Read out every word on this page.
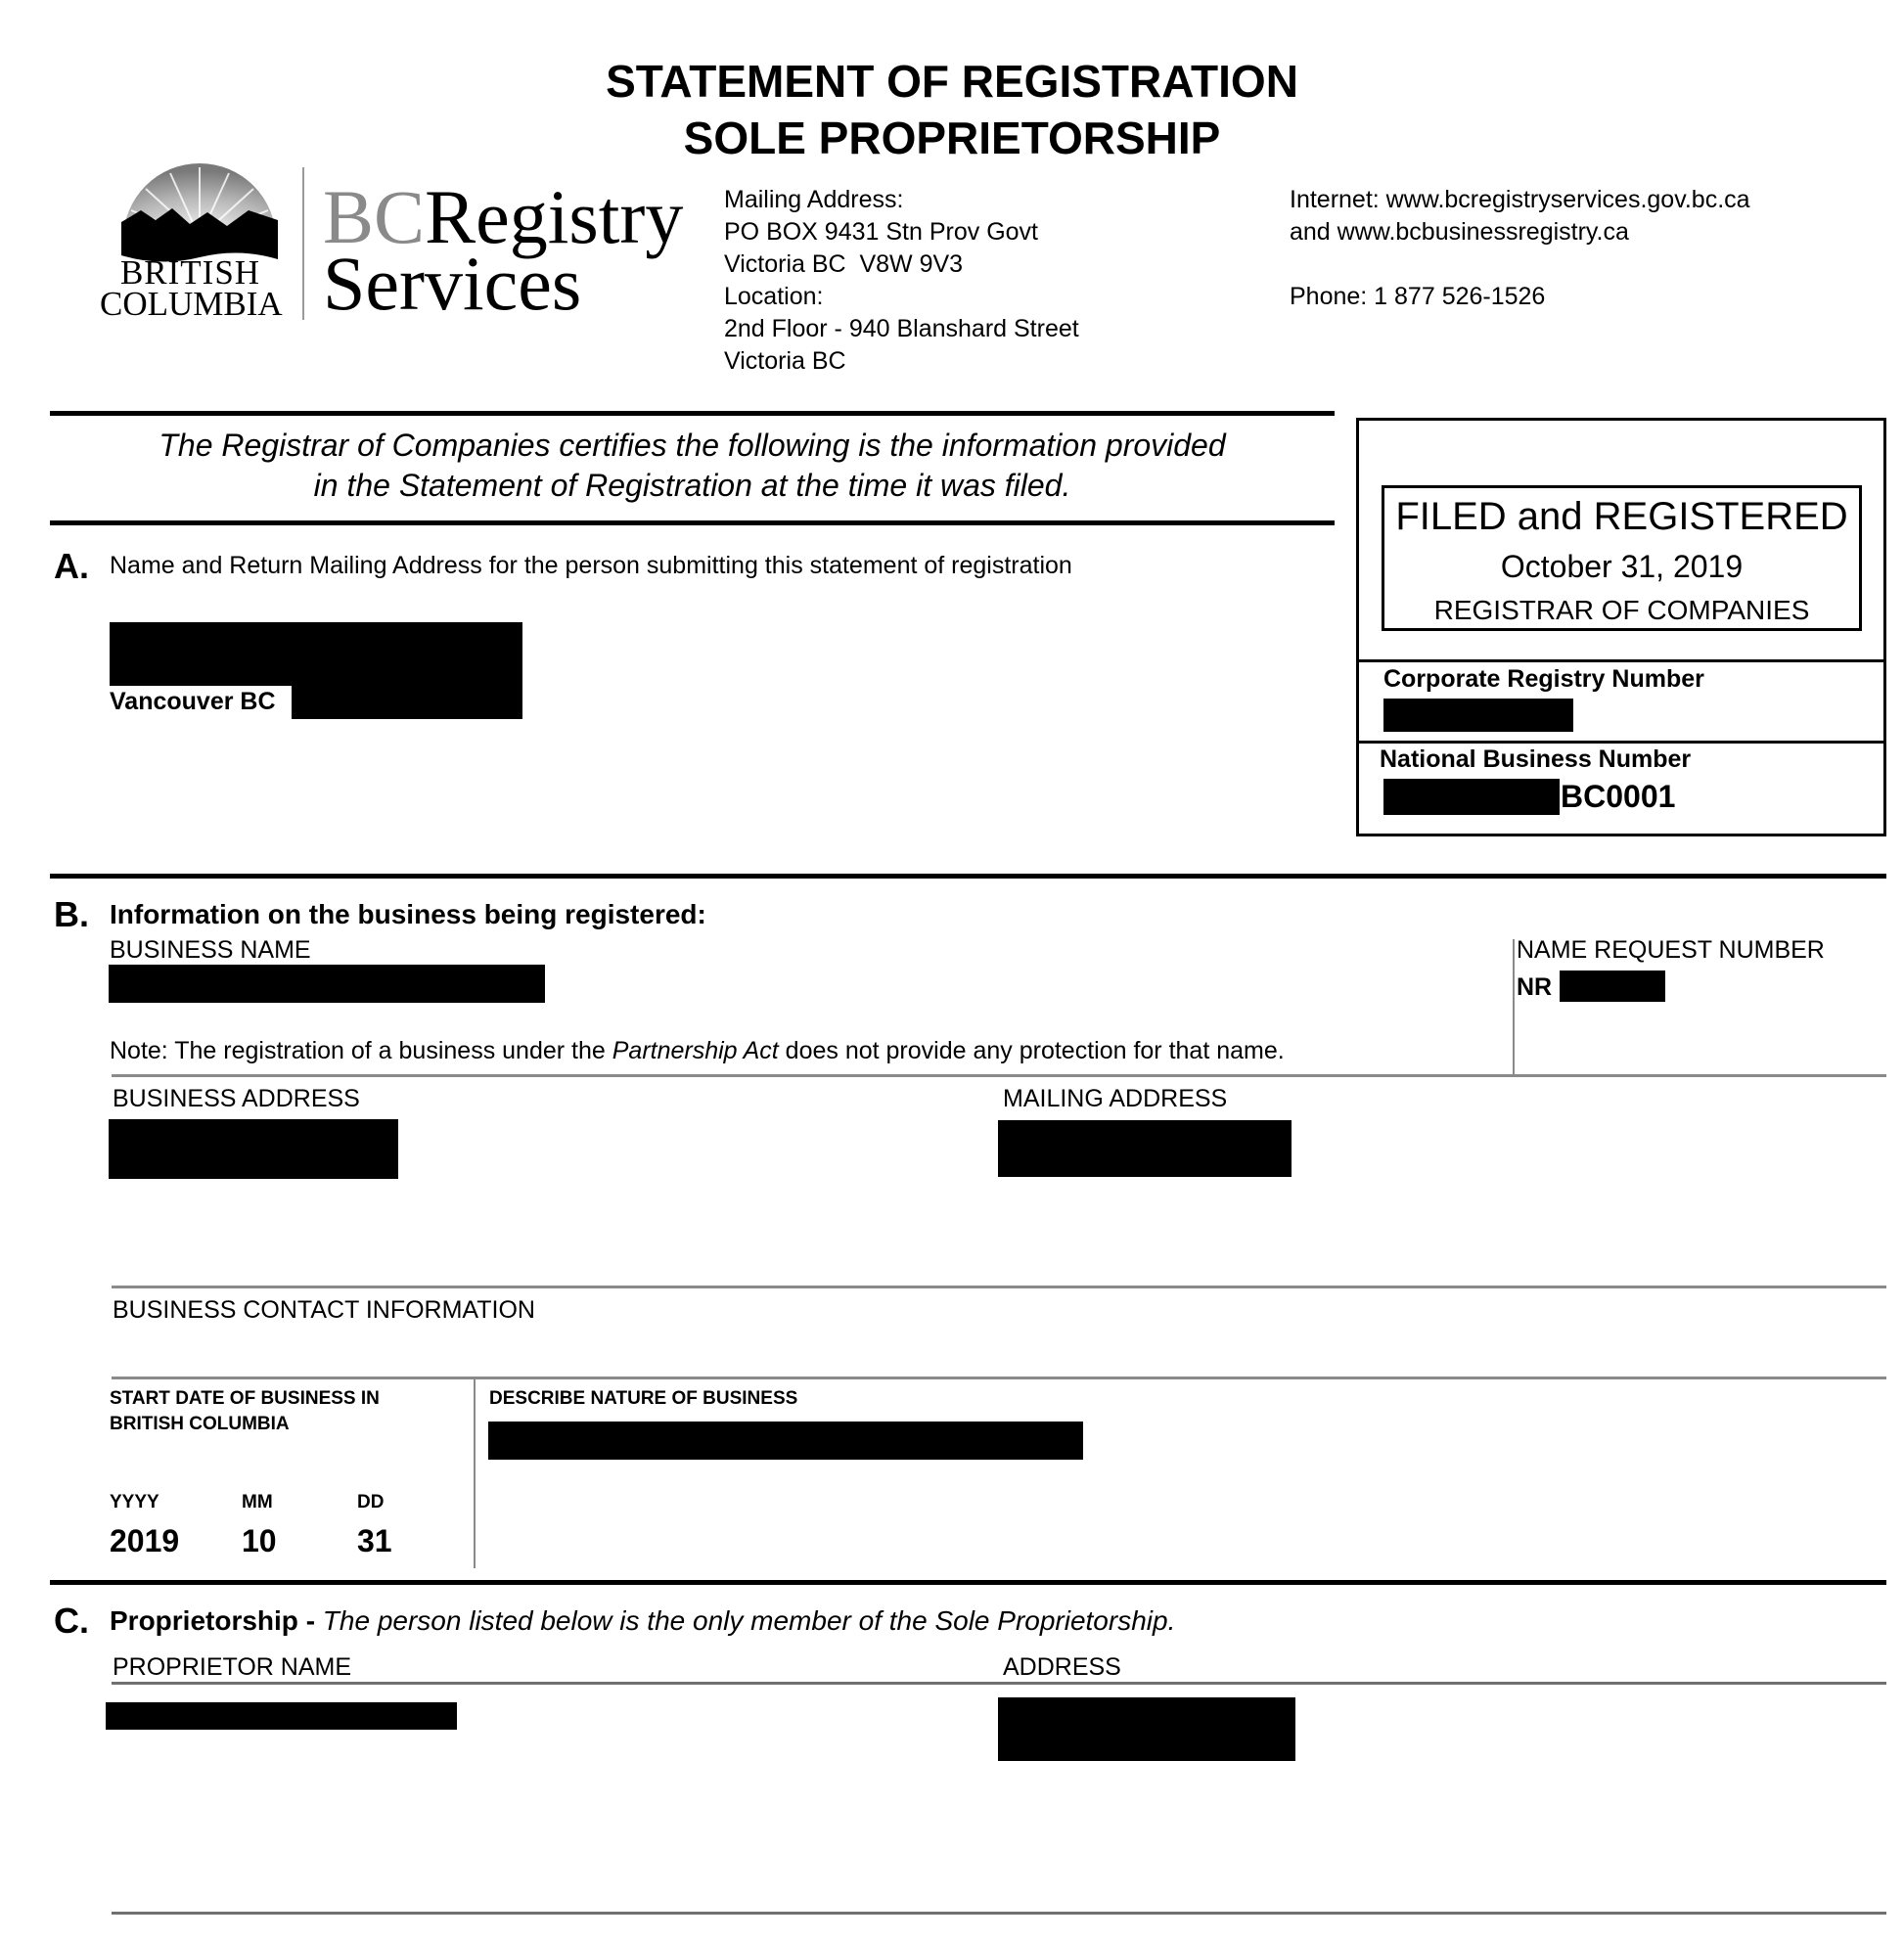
STATEMENT OF REGISTRATION
SOLE PROPRIETORSHIP
BRITISH
COLUMBIA
BCRegistry
Services
Mailing Address:
PO BOX 9431 Stn Prov Govt
Victoria BC  V8W 9V3
Location:
2nd Floor - 940 Blanshard Street
Victoria BC
Internet: www.bcregistryservices.gov.bc.ca
and www.bcbusinessregistry.ca
Phone: 1 877 526-1526
The Registrar of Companies certifies the following is the information provided
in the Statement of Registration at the time it was filed.
FILED and REGISTERED
October 31, 2019
REGISTRAR OF COMPANIES
Corporate Registry Number
National Business Number
BC0001
A. Name and Return Mailing Address for the person submitting this statement of registration
Vancouver BC
B. Information on the business being registered:
BUSINESS NAME	NAME REQUEST NUMBER
NR
Note: The registration of a business under the Partnership Act does not provide any protection for that name.
BUSINESS ADDRESS	MAILING ADDRESS
BUSINESS CONTACT INFORMATION
START DATE OF BUSINESS IN
BRITISH COLUMBIA
DESCRIBE NATURE OF BUSINESS
YYYY	MM	DD
2019 10	31
C. Proprietorship - The person listed below is the only member of the Sole Proprietorship.
PROPRIETOR NAME	ADDRESS
